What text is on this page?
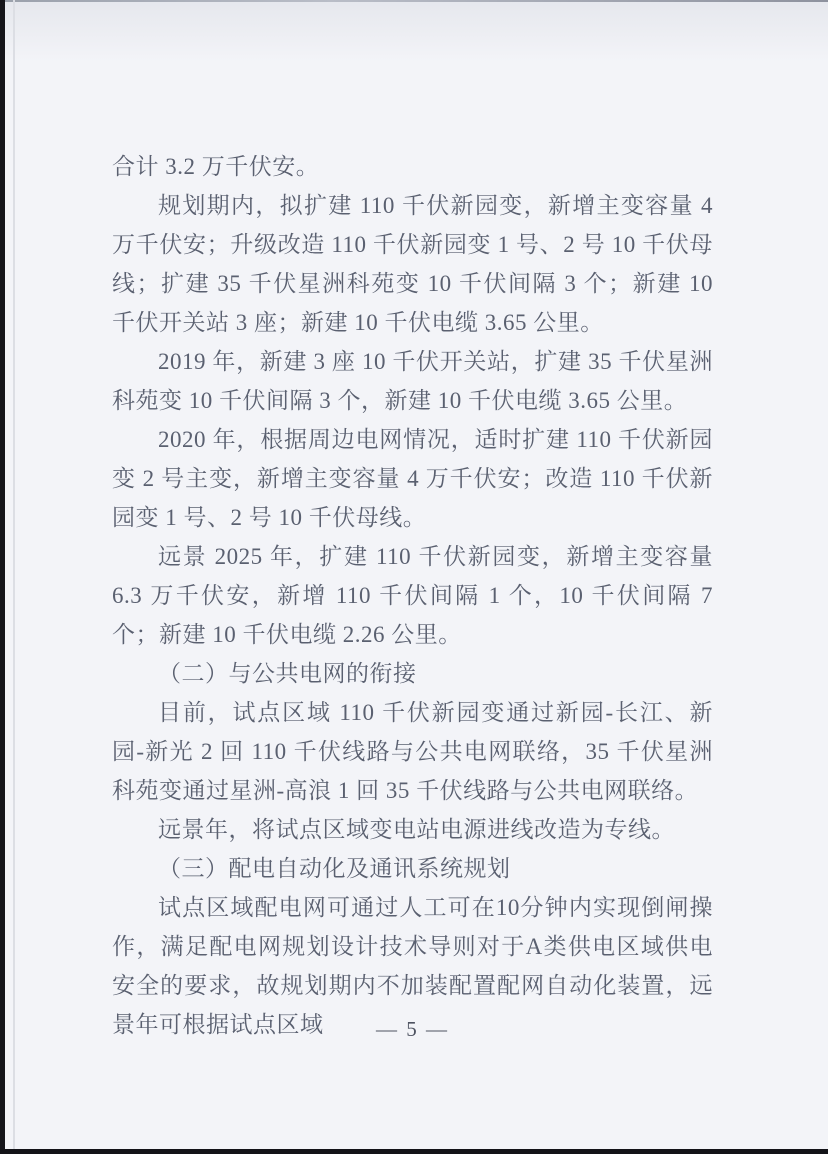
合计 3.2 万千伏安。

规划期内，拟扩建 110 千伏新园变，新增主变容量 4 万千伏安；升级改造 110 千伏新园变 1 号、2 号 10 千伏母线；扩建 35 千伏星洲科苑变 10 千伏间隔 3 个；新建 10 千伏开关站 3 座；新建 10 千伏电缆 3.65 公里。

2019 年，新建 3 座 10 千伏开关站，扩建 35 千伏星洲科苑变 10 千伏间隔 3 个，新建 10 千伏电缆 3.65 公里。

2020 年，根据周边电网情况，适时扩建 110 千伏新园变 2 号主变，新增主变容量 4 万千伏安；改造 110 千伏新园变 1 号、2 号 10 千伏母线。

远景 2025 年，扩建 110 千伏新园变，新增主变容量 6.3 万千伏安，新增 110 千伏间隔 1 个，10 千伏间隔 7 个；新建 10 千伏电缆 2.26 公里。

（二）与公共电网的衔接

目前，试点区域 110 千伏新园变通过新园-长江、新园-新光 2 回 110 千伏线路与公共电网联络，35 千伏星洲科苑变通过星洲-高浪 1 回 35 千伏线路与公共电网联络。

远景年，将试点区域变电站电源进线改造为专线。

（三）配电自动化及通讯系统规划

试点区域配电网可通过人工可在10分钟内实现倒闸操作，满足配电网规划设计技术导则对于A类供电区域供电安全的要求，故规划期内不加装配置配网自动化装置，远景年可根据试点区域	— 5 —
